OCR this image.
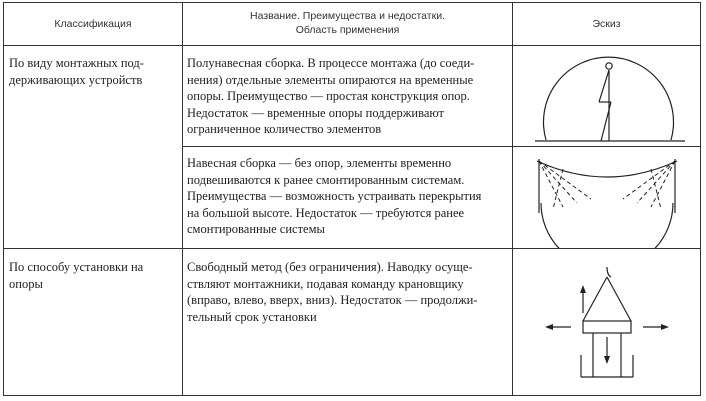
Классификация
Название. Преимущества и недостатки.
Область применения	Эскиз
По виду монтажных под-
держивающих устройств
Полунавесная сборка. В процессе монтажа (до соеди-
нения) отдельные элементы опираются на временные
опоры. Преимущество — простая конструкция опор.
Недостаток — временные опоры поддерживают
ограниченное количество элементов
Навесная сборка — без опор, элементы временно
подвешиваются к ранее смонтированным системам.
Преимущества — возможность устраивать перекрытия
на большой высоте. Недостаток — требуются ранее
смонтированные системы
По способу установки на
опоры
Свободный метод (без ограничения). Наводку осуще-
ствляют монтажники, подавая команду крановщику
(вправо, влево, вверх, вниз). Недостаток — продолжи-
тельный срок установки
